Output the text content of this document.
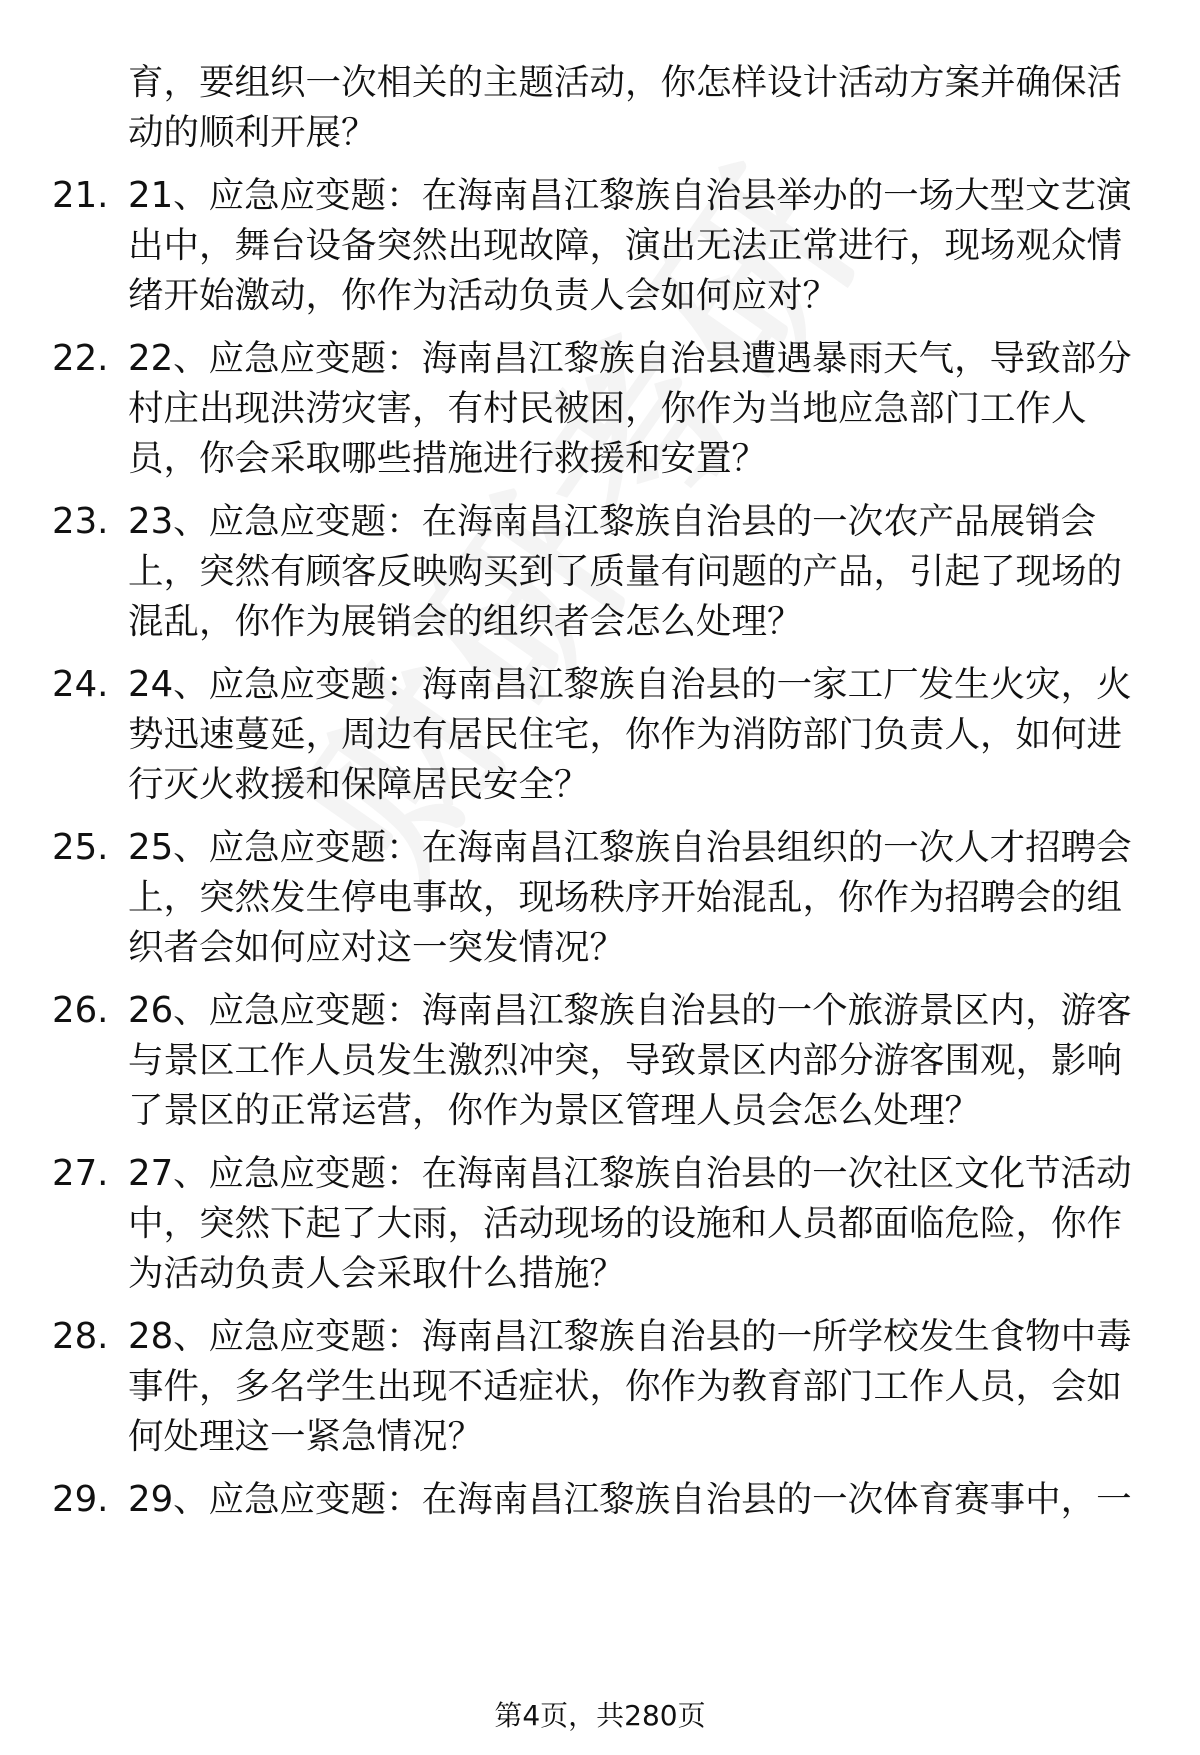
育，要组织一次相关的主题活动，你怎样设计活动方案并确保活动的顺利开展？

21. 21、应急应变题：在海南昌江黎族自治县举办的一场大型文艺演出中，舞台设备突然出现故障，演出无法正常进行，现场观众情绪开始激动，你作为活动负责人会如何应对？

22. 22、应急应变题：海南昌江黎族自治县遭遇暴雨天气，导致部分村庄出现洪涝灾害，有村民被困，你作为当地应急部门工作人员，你会采取哪些措施进行救援和安置？

23. 23、应急应变题：在海南昌江黎族自治县的一次农产品展销会上，突然有顾客反映购买到了质量有问题的产品，引起了现场的混乱，你作为展销会的组织者会怎么处理？

24. 24、应急应变题：海南昌江黎族自治县的一家工厂发生火灾，火势迅速蔓延，周边有居民住宅，你作为消防部门负责人，如何进行灭火救援和保障居民安全？

25. 25、应急应变题：在海南昌江黎族自治县组织的一次人才招聘会上，突然发生停电事故，现场秩序开始混乱，你作为招聘会的组织者会如何应对这一突发情况？

26. 26、应急应变题：海南昌江黎族自治县的一个旅游景区内，游客与景区工作人员发生激烈冲突，导致景区内部分游客围观，影响了景区的正常运营，你作为景区管理人员会怎么处理？

27. 27、应急应变题：在海南昌江黎族自治县的一次社区文化节活动中，突然下起了大雨，活动现场的设施和人员都面临危险，你作为活动负责人会采取什么措施？

28. 28、应急应变题：海南昌江黎族自治县的一所学校发生食物中毒事件，多名学生出现不适症状，你作为教育部门工作人员，会如何处理这一紧急情况？

29. 29、应急应变题：在海南昌江黎族自治县的一次体育赛事中，一

第4页，共280页
